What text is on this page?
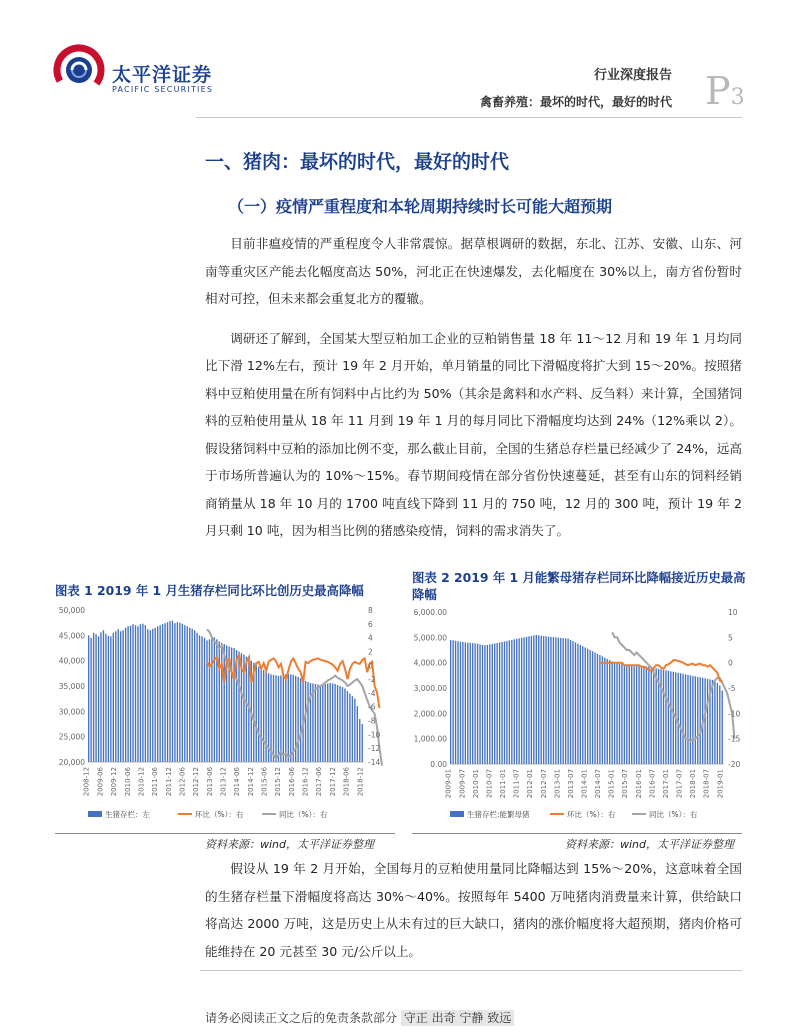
太平洋证券
PACIFIC SECURITIES
行业深度报告
禽畜养殖：最坏的时代，最好的时代 P3
一、猪肉：最坏的时代，最好的时代
（一）疫情严重程度和本轮周期持续时长可能大超预期

目前非瘟疫情的严重程度令人非常震惊。据草根调研的数据，东北、江苏、安徽、山东、河南等重灾区产能去化幅度高达 50%，河北正在快速爆发，去化幅度在 30%以上，南方省份暂时相对可控，但未来都会重复北方的覆辙。

调研还了解到，全国某大型豆粕加工企业的豆粕销售量 18 年 11～12 月和 19 年 1 月均同比下滑 12%左右，预计 19 年 2 月开始，单月销量的同比下滑幅度将扩大到 15～20%。按照猪料中豆粕使用量在所有饲料中占比约为 50%（其余是禽料和水产料、反刍料）来计算，全国猪饲料的豆粕使用量从 18 年 11 月到 19 年 1 月的每月同比下滑幅度均达到 24%（12%乘以 2）。假设猪饲料中豆粕的添加比例不变，那么截止目前，全国的生猪总存栏量已经减少了 24%，远高于市场所普遍认为的 10%～15%。春节期间疫情在部分省份快速蔓延，甚至有山东的饲料经销商销量从 18 年 10 月的 1700 吨直线下降到 11 月的 750 吨，12 月的 300 吨，预计 19 年 2 月只剩 10 吨，因为相当比例的猪感染疫情，饲料的需求消失了。

图表 1 2019 年 1 月生猪存栏同比环比创历史最高降幅
50,000
45,000
40,000
35,000
30,000
25,000
20,000
8
6
4
2
0
-2
-4
-6
-8
-10
-12
-14
2008-12 2009-06 2009-12 2010-06 2010-12 2011-06 2011-12 2012-06 2012-12 2013-06 2013-12 2014-06 2014-12 2015-06 2015-12 2016-06 2016-12 2017-06 2017-12 2018-06 2018-12
生猪存栏：左	环比（%）：右	同比（%）：右
资料来源：wind，太平洋证券整理
图表 2 2019 年 1 月能繁母猪存栏同环比降幅接近历史最高降幅
6,000.00
5,000.00
4,000.00
3,000.00
2,000.00
1,000.00
0.00
10
5
0
-5
-10
-15
-20
2009-01 2009-07 2010-01 2010-07 2011-01 2011-07 2012-01 2012-07 2013-01 2013-07 2014-01 2014-07 2015-01 2015-07 2016-01 2016-07 2017-01 2017-07 2018-01 2018-07 2019-01
生猪存栏:能繁母猪	环比（%）：右	同比（%）：右
资料来源：wind，太平洋证券整理

假设从 19 年 2 月开始，全国每月的豆粕使用量同比降幅达到 15%～20%，这意味着全国的生猪存栏量下滑幅度将高达 30%～40%。按照每年 5400 万吨猪肉消费量来计算，供给缺口将高达 2000 万吨，这是历史上从未有过的巨大缺口，猪肉的涨价幅度将大超预期，猪肉价格可能维持在 20 元甚至 30 元/公斤以上。

请务必阅读正文之后的免责条款部分 守正 出奇 宁静 致远
